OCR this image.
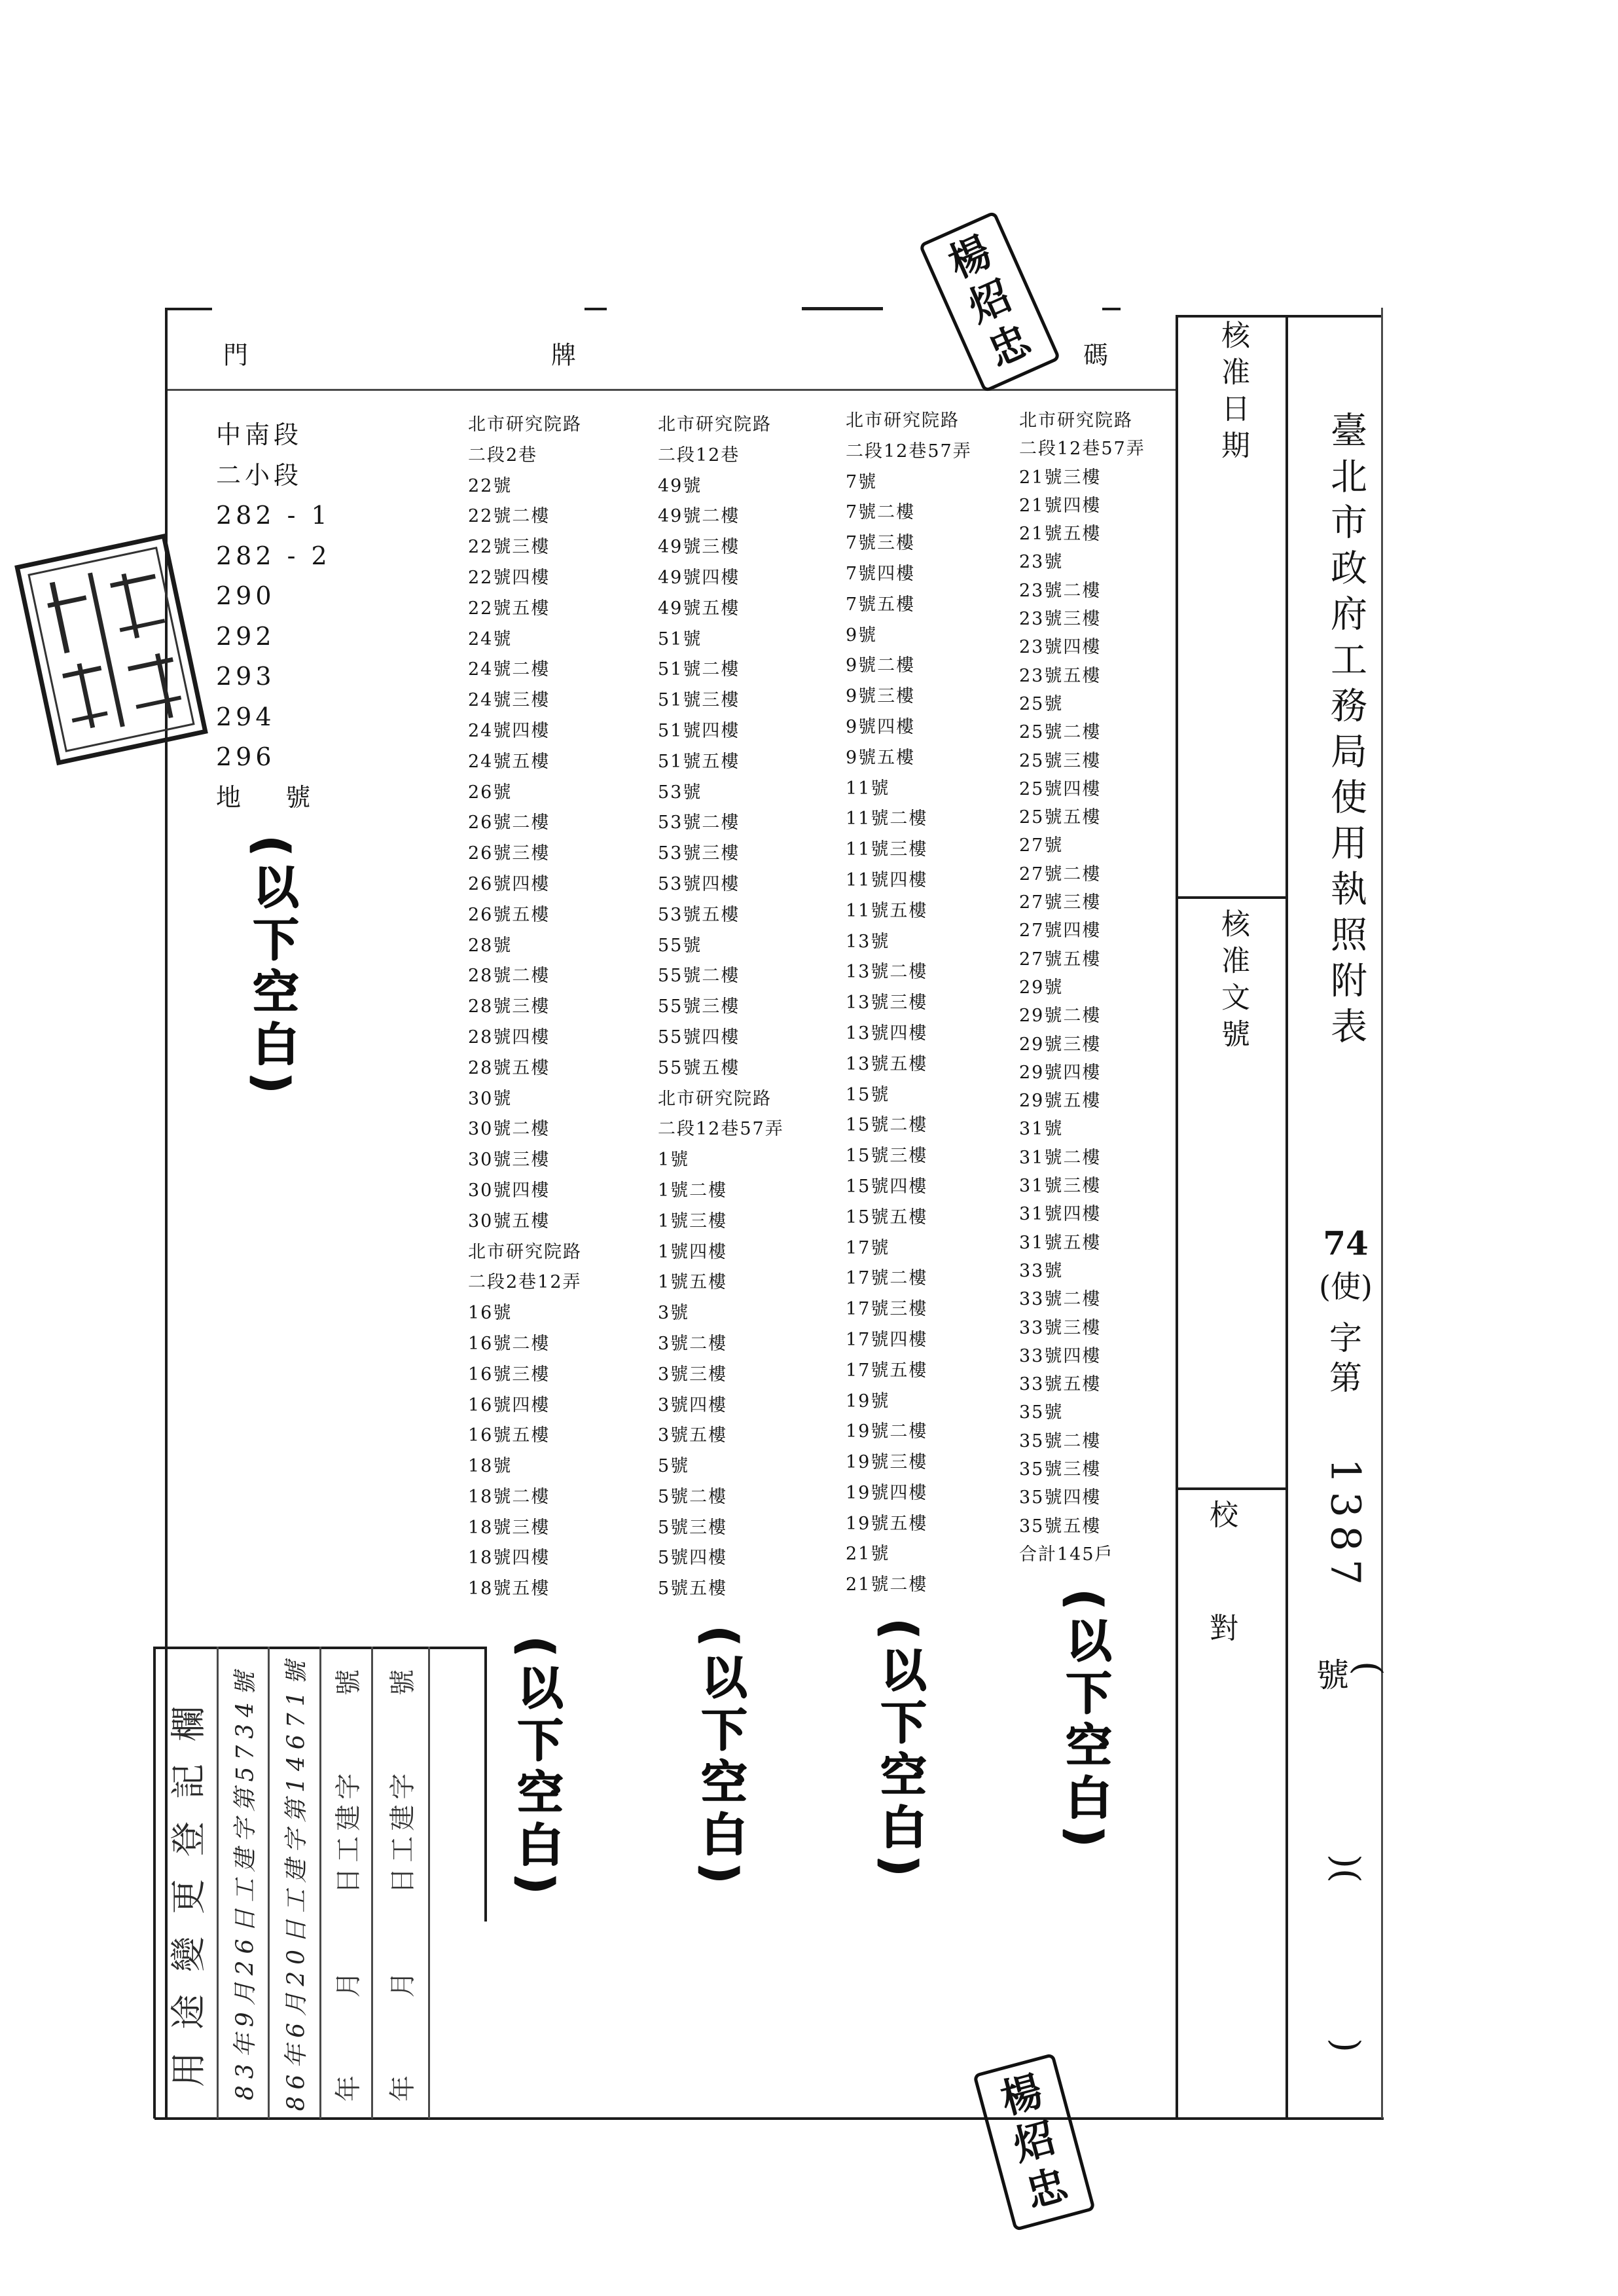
門	牌	碼	核准日期
核准文號
校
對
臺北市政府工務局使用執照附表
74
(使)
字
第
1387
號
(
)(
)
中南段
二小段
282 - 1
282 - 2
290
292
293
294
296
地 號
北市研究院路
二段2巷
22號
22號二樓
22號三樓
22號四樓
22號五樓
24號
24號二樓
24號三樓
24號四樓
24號五樓
26號
26號二樓
26號三樓
26號四樓
26號五樓
28號
28號二樓
28號三樓
28號四樓
28號五樓
30號
30號二樓
30號三樓
30號四樓
30號五樓
北市研究院路
二段2巷12弄
16號
16號二樓
16號三樓
16號四樓
16號五樓
18號
18號二樓
18號三樓
18號四樓
18號五樓
北市研究院路
二段12巷
49號
49號二樓
49號三樓
49號四樓
49號五樓
51號
51號二樓
51號三樓
51號四樓
51號五樓
53號
53號二樓
53號三樓
53號四樓
53號五樓
55號
55號二樓
55號三樓
55號四樓
55號五樓
北市研究院路
二段12巷57弄
1號
1號二樓
1號三樓
1號四樓
1號五樓
3號
3號二樓
3號三樓
3號四樓
3號五樓
5號
5號二樓
5號三樓
5號四樓
5號五樓
北市研究院路
二段12巷57弄
7號
7號二樓
7號三樓
7號四樓
7號五樓
9號
9號二樓
9號三樓
9號四樓
9號五樓
11號
11號二樓
11號三樓
11號四樓
11號五樓
13號
13號二樓
13號三樓
13號四樓
13號五樓
15號
15號二樓
15號三樓
15號四樓
15號五樓
17號
17號二樓
17號三樓
17號四樓
17號五樓
19號
19號二樓
19號三樓
19號四樓
19號五樓
21號
21號二樓
北市研究院路
二段12巷57弄
21號三樓
21號四樓
21號五樓
23號
23號二樓
23號三樓
23號四樓
23號五樓
25號
25號二樓
25號三樓
25號四樓
25號五樓
27號
27號二樓
27號三樓
27號四樓
27號五樓
29號
29號二樓
29號三樓
29號四樓
29號五樓
31號
31號二樓
31號三樓
31號四樓
31號五樓
33號
33號二樓
33號三樓
33號四樓
33號五樓
35號
35號二樓
35號三樓
35號四樓
35號五樓
合計145戶
(以下空白)
(以下空白)	(以下空白)	(以下空白)	(以下空白)
用途變更登記欄 83年9月26日工建字第5734號 86年6月20日工建字第14671號 年 月 日工建字 號 年 月 日工建字 號
楊
炤
忠
楊
炤
忠
